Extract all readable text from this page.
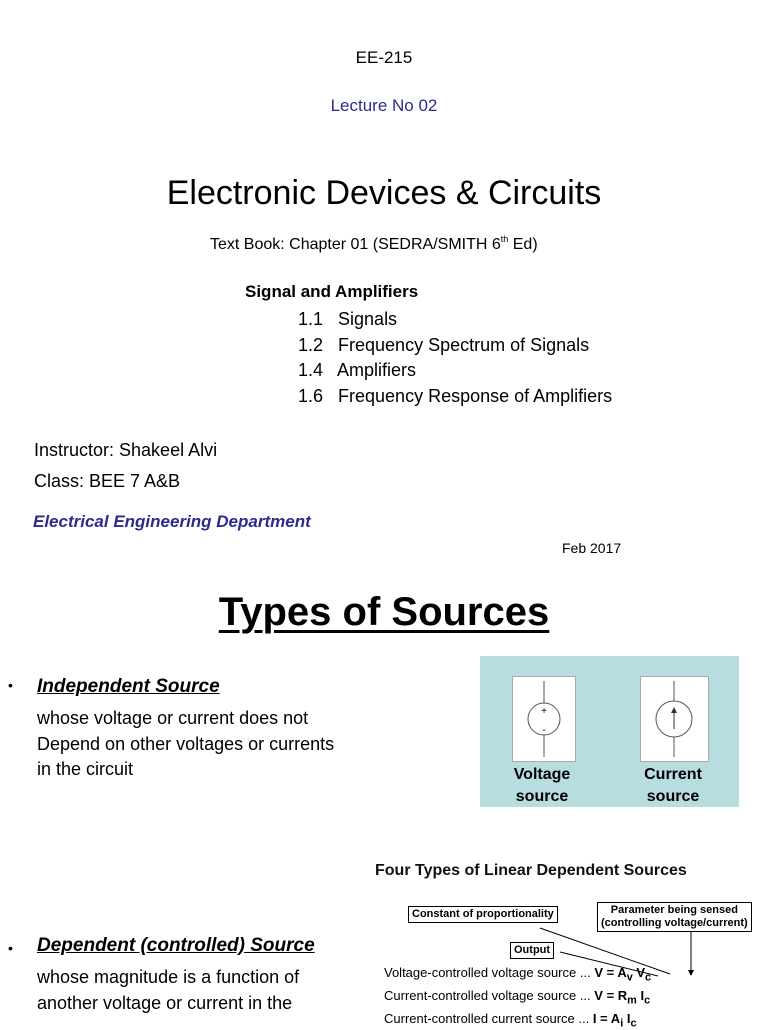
EE-215
Lecture No 02
Electronic Devices & Circuits
Text Book: Chapter 01 (SEDRA/SMITH 6th Ed)
Signal and Amplifiers
1.1   Signals
1.2   Frequency Spectrum of Signals
1.4   Amplifiers
1.6   Frequency Response of Amplifiers
Instructor: Shakeel Alvi
Class: BEE 7 A&B
Electrical Engineering Department
Feb 2017
Types of Sources
• Independent Source
whose voltage or current does not
Depend on other voltages or currents
in the circuit
+
-
Voltage
source
Current
source
Four Types of Linear Dependent Sources
Constant of proportionality	Parameter being sensed
(controlling voltage/current)
Output
Voltage-controlled voltage source ... $V = A_v$ $V_c$
Current-controlled voltage source ... $V = R_m$ $I_c$
Current-controlled current source ... $I = A_i$ $I_c$
• Dependent (controlled) Source
whose magnitude is a function of
another voltage or current in the
